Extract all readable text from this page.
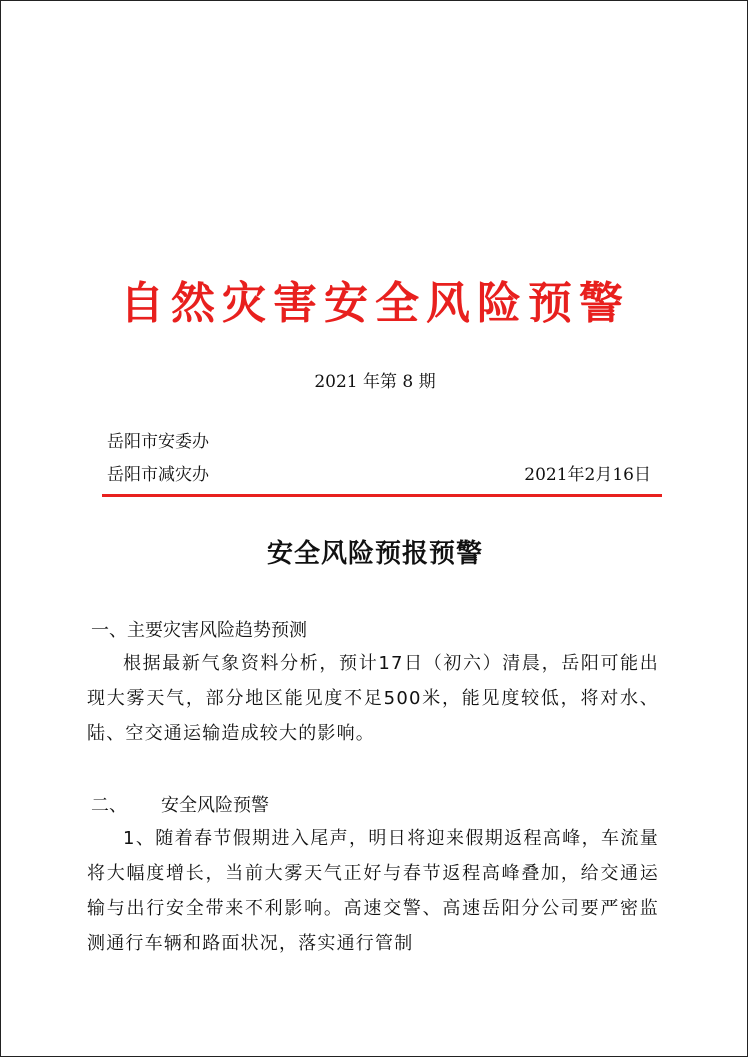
自然灾害安全风险预警
2021 年第 8 期
岳阳市安委办
岳阳市减灾办	2021年2月16日
安全风险预报预警
一、主要灾害风险趋势预测
根据最新气象资料分析，预计17日（初六）清晨，岳阳可能出现大雾天气，部分地区能见度不足500米，能见度较低，将对水、陆、空交通运输造成较大的影响。
二、 安全风险预警
1、随着春节假期进入尾声，明日将迎来假期返程高峰，车流量将大幅度增长，当前大雾天气正好与春节返程高峰叠加，给交通运输与出行安全带来不利影响。高速交警、高速岳阳分公司要严密监测通行车辆和路面状况，落实通行管制
